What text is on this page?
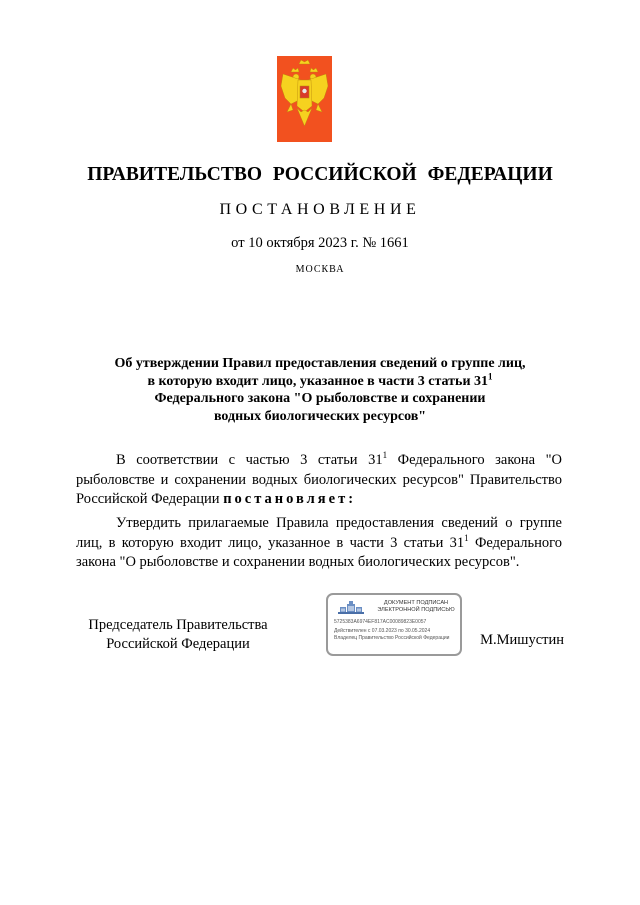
ПРАВИТЕЛЬСТВО РОССИЙСКОЙ ФЕДЕРАЦИИ
ПОСТАНОВЛЕНИЕ
от 10 октября 2023 г. № 1661
МОСКВА
Об утверждении Правил предоставления сведений о группе лиц,
в которую входит лицо, указанное в части 3 статьи $31^1$
Федерального закона "О рыболовстве и сохранении
водных биологических ресурсов"
В соответствии с частью 3 статьи $31^1$ Федерального закона "О рыболовстве и сохранении водных биологических ресурсов" Правительство Российской Федерации постановляет:
Утвердить прилагаемые Правила предоставления сведений о группе лиц, в которую входит лицо, указанное в части 3 статьи $31^1$ Федерального закона "О рыболовстве и сохранении водных биологических ресурсов".
Председатель Правительства
Российской Федерации
ДОКУМЕНТ ПОДПИСАН
ЭЛЕКТРОННОЙ ПОДПИСЬЮ
5725383A6974EF817AC00089823E0057
Действителен с 07.03.2023 по 30.05.2024
Владелец Правительство Российской Федерации	М.Мишустин
